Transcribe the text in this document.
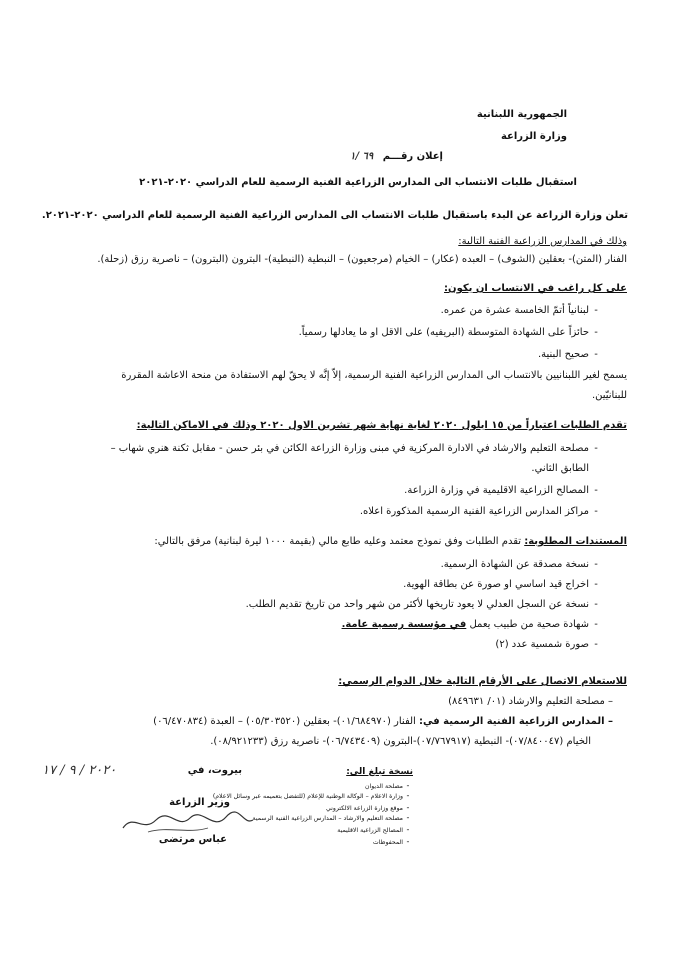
الجمهورية اللبنانية
وزارة الزراعة
إعلان رقـــم ٦٩ /١
استقبال طلبات الانتساب الى المدارس الزراعية الفنية الرسمية للعام الدراسي ٢٠٢٠-٢٠٢١
تعلن وزارة الزراعة عن البدء باستقبال طلبات الانتساب الى المدارس الزراعية الفنية الرسمية للعام الدراسي ٢٠٢٠-٢٠٢١.
وذلك في المدارس الزراعية الفنية التالية:
الفنار (المتن)- بعقلين (الشوف) – العبده (عكار) – الخيام (مرجعيون) – النبطية (النبطية)- البترون (البترون) – ناصرية رزق (زحلة).
على كل راغب في الانتساب ان يكون:
-لبنانياً أتمّ الخامسة عشرة من عمره.
-حائزاً على الشهادة المتوسطة (البريفيه) على الاقل او ما يعادلها رسمياً.
-صحيح البنية.
يسمح لغير اللبنانيين بالانتساب الى المدارس الزراعية الفنية الرسمية، إلاّ إنَّه لا يحقّ لهم الاستفادة من منحة الاعاشة المقررة
للبنانيّين.
تقدم الطلبات اعتباراً من ١٥ ايلول ٢٠٢٠ لغاية نهاية شهر تشرين الاول ٢٠٢٠ وذلك في الاماكن التالية:
-مصلحة التعليم والارشاد في الادارة المركزية في مبنى وزارة الزراعة الكائن في بئر حسن - مقابل ثكنة هنري شهاب –
الطابق الثاني.
-المصالح الزراعية الاقليمية في وزارة الزراعة.
-مراكز المدارس الزراعية الفنية الرسمية المذكورة اعلاه.
المستندات المطلوبة: تقدم الطلبات وفق نموذج معتمد وعليه طابع مالي (بقيمة ١٠٠٠ ليرة لبنانية) مرفق بالتالي:
-نسخة مصدقة عن الشهادة الرسمية.
-اخراج قيد اساسي او صورة عن بطاقة الهوية.
-نسخة عن السجل العدلي لا يعود تاريخها لأكثر من شهر واحد من تاريخ تقديم الطلب.
-شهادة صحية من طبيب يعمل في مؤسسة رسمية عامة.
-صورة شمسية عدد (٢)
للاستعلام الاتصال على الأرقام التالية خلال الدوام الرسمي:
– مصلحة التعليم والارشاد (٠١/ ٨٤٩٦٣١)
– المدارس الزراعية الفنية الرسمية في: الفنار (٠١/٦٨٤٩٧٠)- بعقلين (٠٥/٣٠٣٥٢٠) – العبدة (٠٦/٤٧٠٨٣٤)
الخيام (٠٧/٨٤٠٠٤٧)- النبطية (٠٧/٧٦٧٩١٧)-البترون (٠٦/٧٤٣٤٠٩)- ناصرية رزق (٠٨/٩٢١٢٣٣).
بيروت، في
٢٠٢٠ / ٩ / ١٧
وزير الزراعة
عباس مرتضى
نسخة تبلغ الى:
-مصلحة الديوان
-وزارة الاعلام – الوكالة الوطنية للإعلام (للتفضل بتعميمه عبر وسائل الاعلام)
-موقع وزارة الزراعة الالكتروني
-مصلحة التعليم والارشاد – المدارس الزراعية الفنية الرسمية
-المصالح الزراعية الاقليمية
-المحفوظات
